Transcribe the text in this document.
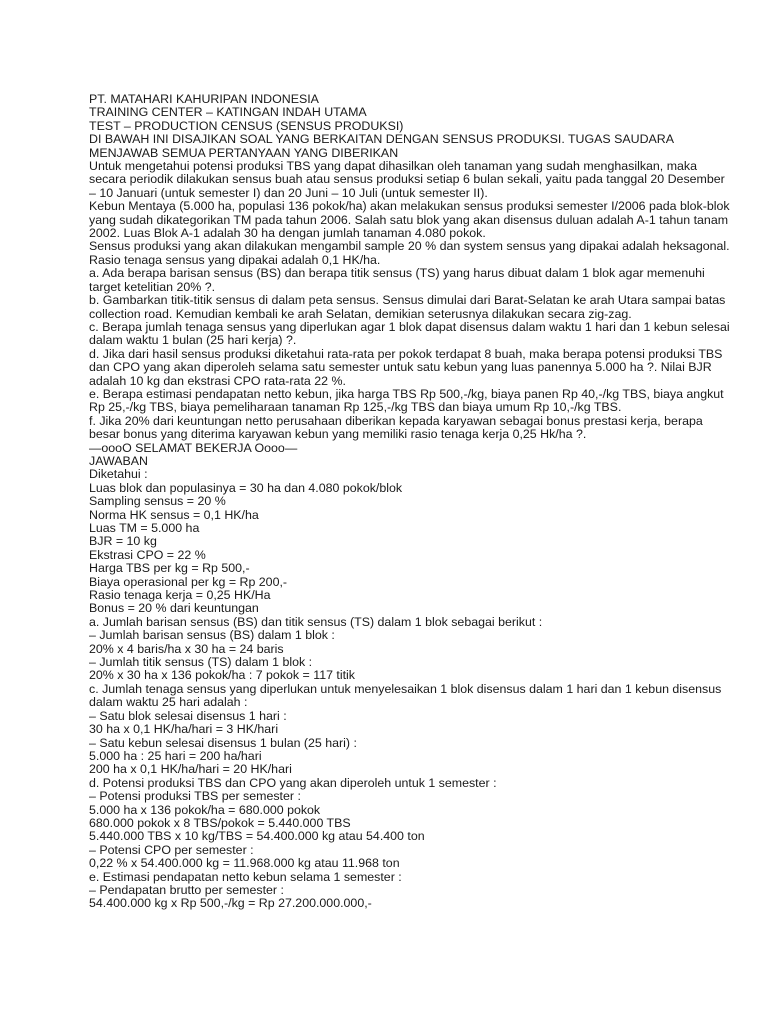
PT. MATAHARI KAHURIPAN INDONESIA
TRAINING CENTER – KATINGAN INDAH UTAMA
TEST – PRODUCTION CENSUS (SENSUS PRODUKSI)
DI BAWAH INI DISAJIKAN SOAL YANG BERKAITAN DENGAN SENSUS PRODUKSI. TUGAS SAUDARA
MENJAWAB SEMUA PERTANYAAN YANG DIBERIKAN
Untuk mengetahui potensi produksi TBS yang dapat dihasilkan oleh tanaman yang sudah menghasilkan, maka
secara periodik dilakukan sensus buah atau sensus produksi setiap 6 bulan sekali, yaitu pada tanggal 20 Desember
– 10 Januari (untuk semester I) dan 20 Juni – 10 Juli (untuk semester II).
Kebun Mentaya (5.000 ha, populasi 136 pokok/ha) akan melakukan sensus produksi semester I/2006 pada blok-blok
yang sudah dikategorikan TM pada tahun 2006. Salah satu blok yang akan disensus duluan adalah A-1 tahun tanam
2002. Luas Blok A-1 adalah 30 ha dengan jumlah tanaman 4.080 pokok.
Sensus produksi yang akan dilakukan mengambil sample 20 % dan system sensus yang dipakai adalah heksagonal.
Rasio tenaga sensus yang dipakai adalah 0,1 HK/ha.
a. Ada berapa barisan sensus (BS) dan berapa titik sensus (TS) yang harus dibuat dalam 1 blok agar memenuhi
target ketelitian 20% ?.
b. Gambarkan titik-titik sensus di dalam peta sensus. Sensus dimulai dari Barat-Selatan ke arah Utara sampai batas
collection road. Kemudian kembali ke arah Selatan, demikian seterusnya dilakukan secara zig-zag.
c. Berapa jumlah tenaga sensus yang diperlukan agar 1 blok dapat disensus dalam waktu 1 hari dan 1 kebun selesai
dalam waktu 1 bulan (25 hari kerja) ?.
d. Jika dari hasil sensus produksi diketahui rata-rata per pokok terdapat 8 buah, maka berapa potensi produksi TBS
dan CPO yang akan diperoleh selama satu semester untuk satu kebun yang luas panennya 5.000 ha ?. Nilai BJR
adalah 10 kg dan ekstrasi CPO rata-rata 22 %.
e. Berapa estimasi pendapatan netto kebun, jika harga TBS Rp 500,-/kg, biaya panen Rp 40,-/kg TBS, biaya angkut
Rp 25,-/kg TBS, biaya pemeliharaan tanaman Rp 125,-/kg TBS dan biaya umum Rp 10,-/kg TBS.
f. Jika 20% dari keuntungan netto perusahaan diberikan kepada karyawan sebagai bonus prestasi kerja, berapa
besar bonus yang diterima karyawan kebun yang memiliki rasio tenaga kerja 0,25 Hk/ha ?.
—oooO SELAMAT BEKERJA Oooo—
JAWABAN
Diketahui :
Luas blok dan populasinya = 30 ha dan 4.080 pokok/blok
Sampling sensus = 20 %
Norma HK sensus = 0,1 HK/ha
Luas TM = 5.000 ha
BJR = 10 kg
Ekstrasi CPO = 22 %
Harga TBS per kg = Rp 500,-
Biaya operasional per kg = Rp 200,-
Rasio tenaga kerja = 0,25 HK/Ha
Bonus = 20 % dari keuntungan
a. Jumlah barisan sensus (BS) dan titik sensus (TS) dalam 1 blok sebagai berikut :
– Jumlah barisan sensus (BS) dalam 1 blok :
20% x 4 baris/ha x 30 ha = 24 baris
– Jumlah titik sensus (TS) dalam 1 blok :
20% x 30 ha x 136 pokok/ha : 7 pokok = 117 titik
c. Jumlah tenaga sensus yang diperlukan untuk menyelesaikan 1 blok disensus dalam 1 hari dan 1 kebun disensus
dalam waktu 25 hari adalah :
– Satu blok selesai disensus 1 hari :
30 ha x 0,1 HK/ha/hari = 3 HK/hari
– Satu kebun selesai disensus 1 bulan (25 hari) :
5.000 ha : 25 hari = 200 ha/hari
200 ha x 0,1 HK/ha/hari = 20 HK/hari
d. Potensi produksi TBS dan CPO yang akan diperoleh untuk 1 semester :
– Potensi produksi TBS per semester :
5.000 ha x 136 pokok/ha = 680.000 pokok
680.000 pokok x 8 TBS/pokok = 5.440.000 TBS
5.440.000 TBS x 10 kg/TBS = 54.400.000 kg atau 54.400 ton
– Potensi CPO per semester :
0,22 % x 54.400.000 kg = 11.968.000 kg atau 11.968 ton
e. Estimasi pendapatan netto kebun selama 1 semester :
– Pendapatan brutto per semester :
54.400.000 kg x Rp 500,-/kg = Rp 27.200.000.000,-
